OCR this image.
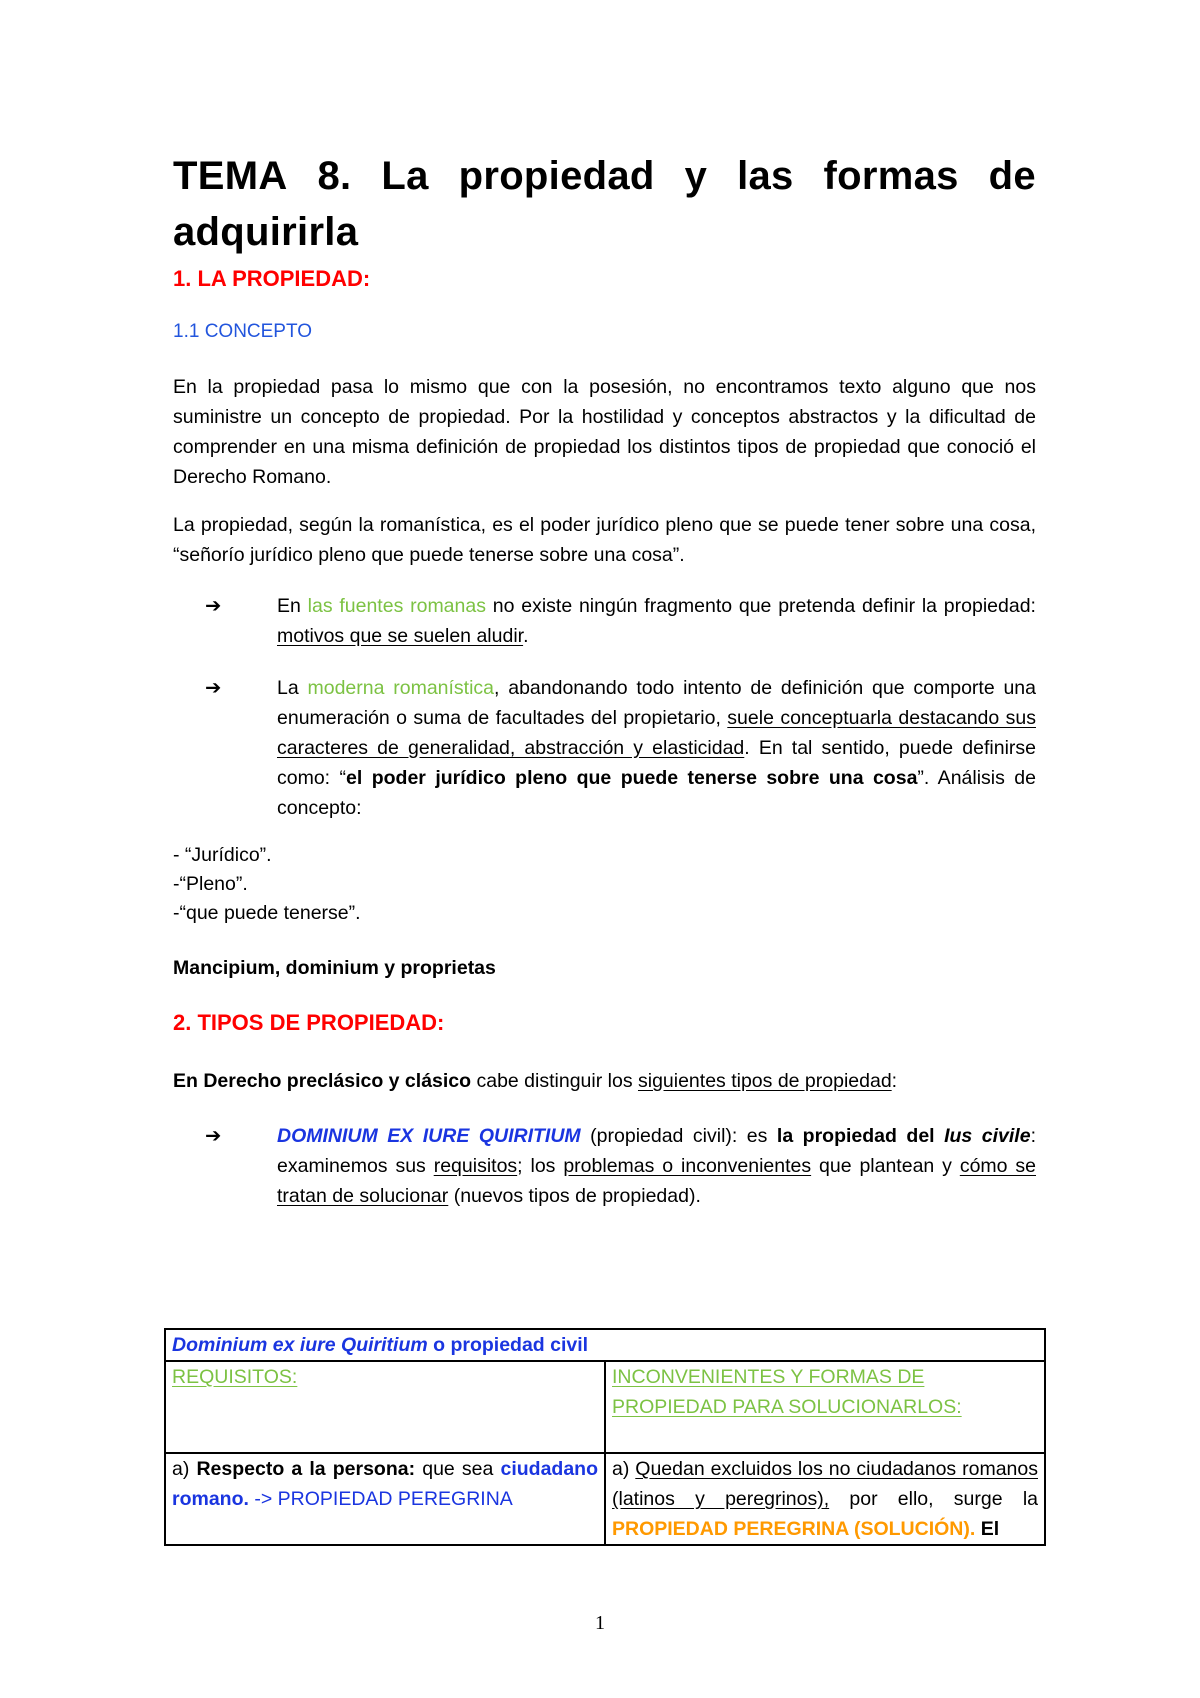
TEMA 8. La propiedad y las formas de
adquirirla
1. LA PROPIEDAD:
1.1 CONCEPTO

En la propiedad pasa lo mismo que con la posesión, no encontramos texto alguno que nos suministre un concepto de propiedad. Por la hostilidad y conceptos abstractos y la dificultad de comprender en una misma definición de propiedad los distintos tipos de propiedad que conoció el Derecho Romano.

La propiedad, según la romanística, es el poder jurídico pleno que se puede tener sobre una cosa, “señorío jurídico pleno que puede tenerse sobre una cosa”.

➔	En las fuentes romanas no existe ningún fragmento que pretenda definir la propiedad: motivos que se suelen aludir.
➔	La moderna romanística, abandonando todo intento de definición que comporte una enumeración o suma de facultades del propietario, suele conceptuarla destacando sus caracteres de generalidad, abstracción y elasticidad. En tal sentido, puede definirse como: “el poder jurídico pleno que puede tenerse sobre una cosa”. Análisis de concepto:
- “Jurídico”.
-“Pleno”.
-“que puede tenerse”.
Mancipium, dominium y proprietas
2. TIPOS DE PROPIEDAD:
En Derecho preclásico y clásico cabe distinguir los siguientes tipos de propiedad:
➔	DOMINIUM EX IURE QUIRITIUM (propiedad civil): es la propiedad del Ius civile: examinemos sus requisitos; los problemas o inconvenientes que plantean y cómo se tratan de solucionar (nuevos tipos de propiedad).
Dominium ex iure Quiritium o propiedad civil	
REQUISITOS:	INCONVENIENTES Y FORMAS DE PROPIEDAD PARA SOLUCIONARLOS:
a) Respecto a la persona: que sea ciudadano romano. -> PROPIEDAD PEREGRINA	a) Quedan excluidos los no ciudadanos romanos (latinos y peregrinos), por ello, surge la PROPIEDAD PEREGRINA (SOLUCIÓN). El
1
